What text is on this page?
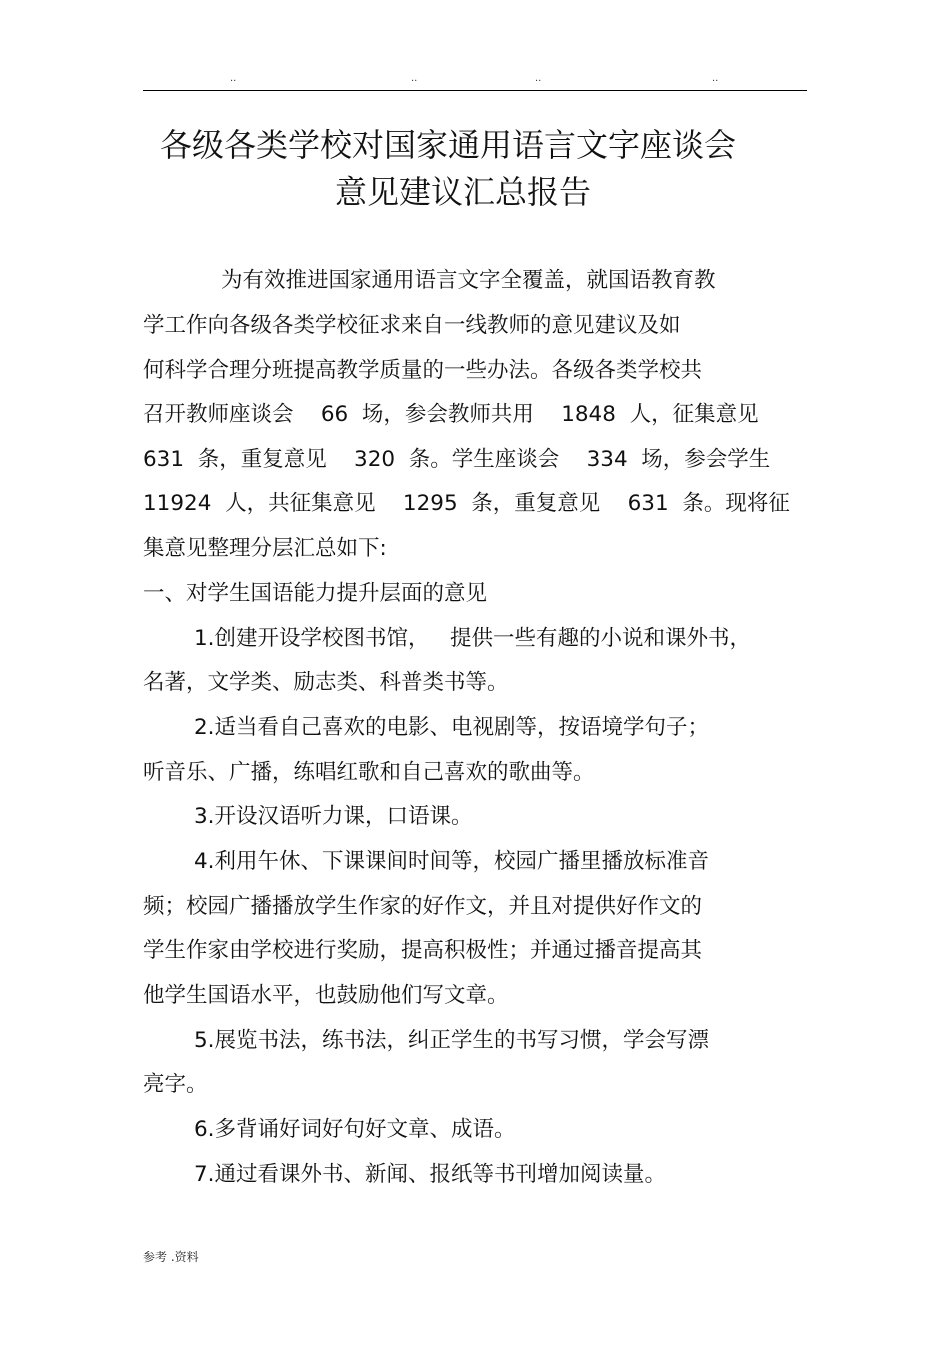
..	..	..	..
各级各类学校对国家通用语言文字座谈会
意见建议汇总报告
为有效推进国家通用语言文字全覆盖，就国语教育教
学工作向各级各类学校征求来自一线教师的意见建议及如
何科学合理分班提高教学质量的一些办法。各级各类学校共
召开教师座谈会    66  场，参会教师共用    1848  人，征集意见
631  条，重复意见    320  条。学生座谈会    334  场，参会学生
11924  人，共征集意见    1295  条，重复意见    631  条。现将征
集意见整理分层汇总如下:
一、对学生国语能力提升层面的意见
1.创建开设学校图书馆，   提供一些有趣的小说和课外书，
名著，文学类、励志类、科普类书等。
2.适当看自己喜欢的电影、电视剧等，按语境学句子；
听音乐、广播，练唱红歌和自己喜欢的歌曲等。
3.开设汉语听力课，口语课。
4.利用午休、下课课间时间等，校园广播里播放标准音
频；校园广播播放学生作家的好作文，并且对提供好作文的
学生作家由学校进行奖励，提高积极性；并通过播音提高其
他学生国语水平，也鼓励他们写文章。
5.展览书法，练书法，纠正学生的书写习惯，学会写漂
亮字。
6.多背诵好词好句好文章、成语。
7.通过看课外书、新闻、报纸等书刊增加阅读量。
参考 .资料
